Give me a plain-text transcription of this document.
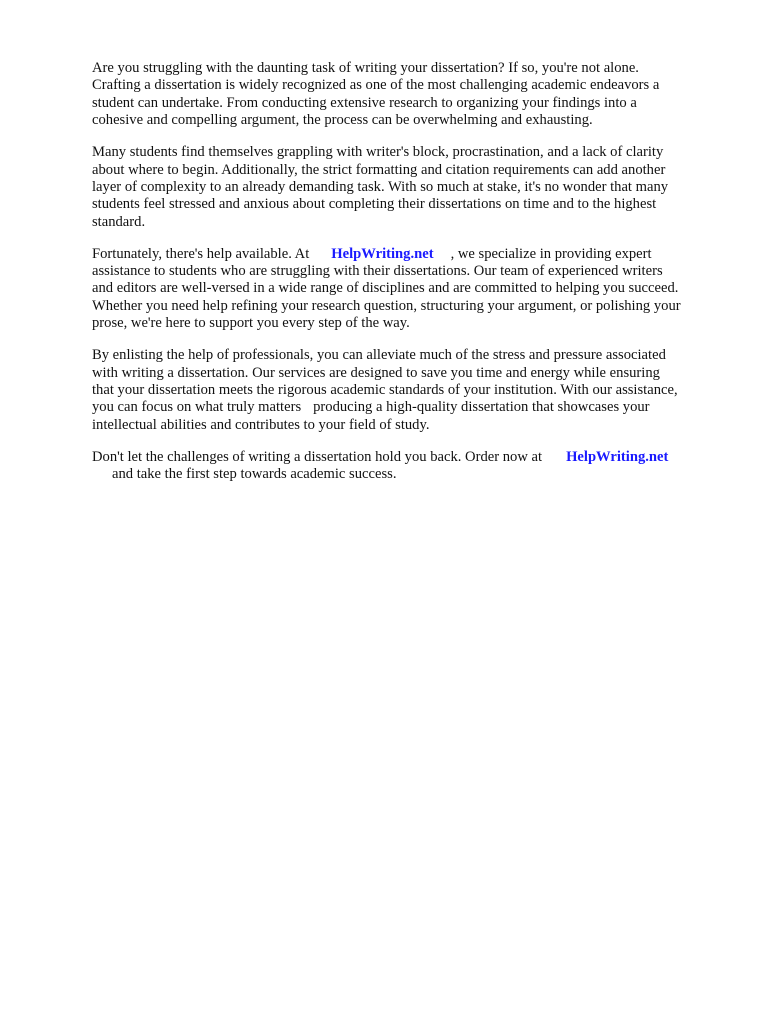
Are you struggling with the daunting task of writing your dissertation? If so, you're not alone.
Crafting a dissertation is widely recognized as one of the most challenging academic endeavors a
student can undertake. From conducting extensive research to organizing your findings into a
cohesive and compelling argument, the process can be overwhelming and exhausting.

Many students find themselves grappling with writer's block, procrastination, and a lack of clarity
about where to begin. Additionally, the strict formatting and citation requirements can add another
layer of complexity to an already demanding task. With so much at stake, it's no wonder that many
students feel stressed and anxious about completing their dissertations on time and to the highest
standard.

Fortunately, there's help available. At HelpWriting.net , we specialize in providing expert
assistance to students who are struggling with their dissertations. Our team of experienced writers
and editors are well-versed in a wide range of disciplines and are committed to helping you succeed.
Whether you need help refining your research question, structuring your argument, or polishing your
prose, we're here to support you every step of the way.

By enlisting the help of professionals, you can alleviate much of the stress and pressure associated
with writing a dissertation. Our services are designed to save you time and energy while ensuring
that your dissertation meets the rigorous academic standards of your institution. With our assistance,
you can focus on what truly matters producing a high-quality dissertation that showcases your
intellectual abilities and contributes to your field of study.

Don't let the challenges of writing a dissertation hold you back. Order now at HelpWriting.net
and take the first step towards academic success.
